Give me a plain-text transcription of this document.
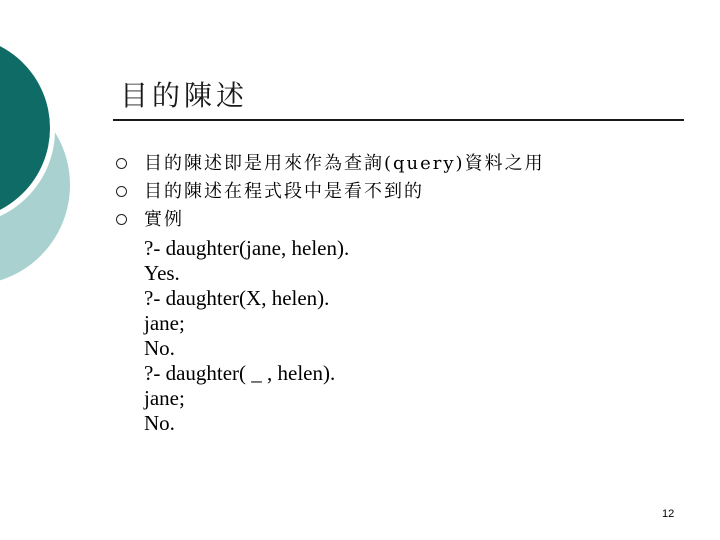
目的陳述
目的陳述即是用來作為查詢(query)資料之用
目的陳述在程式段中是看不到的
實例
?- daughter(jane, helen).
Yes.
?- daughter(X, helen).
jane;
No.
?- daughter( _ , helen).
jane;
No.
12
